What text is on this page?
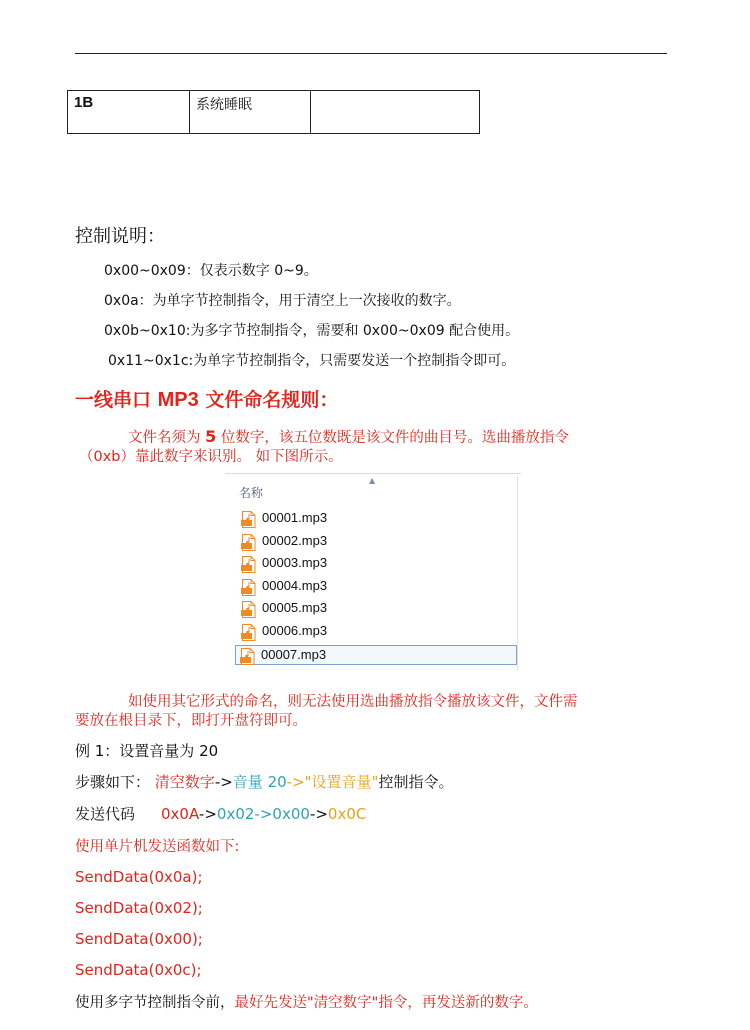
1B	系统睡眠	
控制说明：
0x00~0x09：仅表示数字 0~9。
0x0a：为单字节控制指令，用于清空上一次接收的数字。
0x0b~0x10:为多字节控制指令，需要和 0x00~0x09 配合使用。
0x11~0x1c:为单字节控制指令，只需要发送一个控制指令即可。
一线串口 MP3 文件命名规则：
文件名须为 5 位数字，该五位数既是该文件的曲目号。选曲播放指令
（0xb）靠此数字来识别。 如下图所示。
▲
名称
00001.mp3
00002.mp3
00003.mp3
00004.mp3
00005.mp3
00006.mp3
00007.mp3
如使用其它形式的命名，则无法使用选曲播放指令播放该文件，文件需
要放在根目录下，即打开盘符即可。
例 1：设置音量为 20
步骤如下： 清空数字->音量 20->"设置音量"控制指令。
发送代码 0x0A->0x02->0x00->0x0C
使用单片机发送函数如下:
SendData(0x0a);
SendData(0x02);
SendData(0x00);
SendData(0x0c);
使用多字节控制指令前，最好先发送"清空数字"指令，再发送新的数字。
